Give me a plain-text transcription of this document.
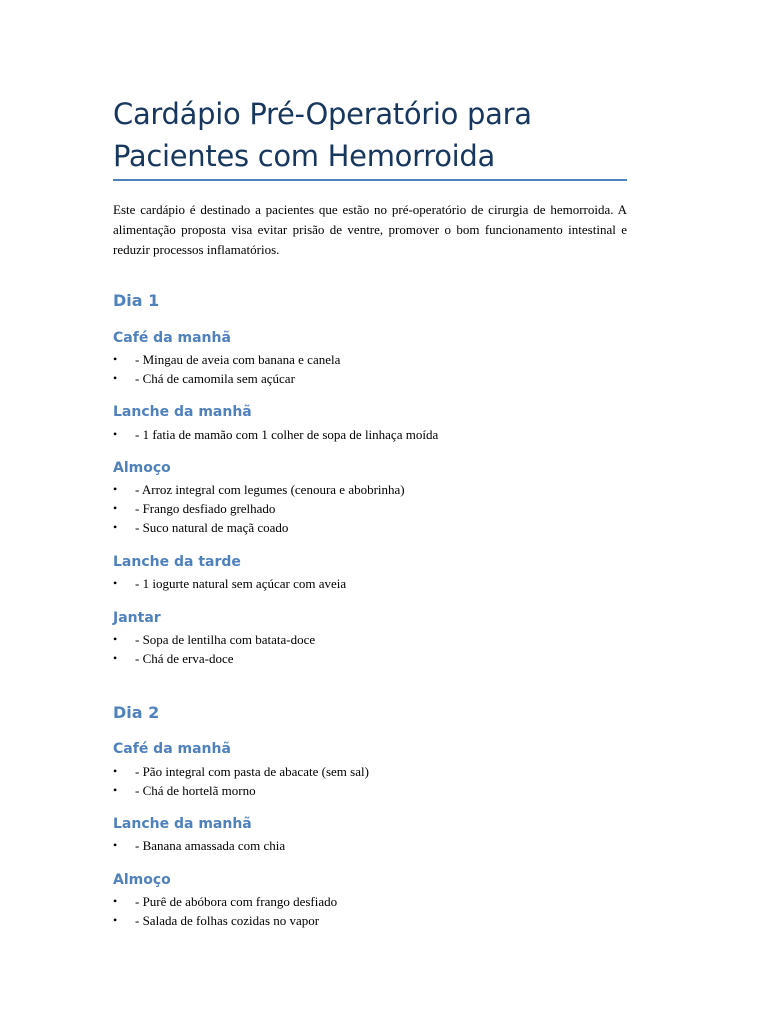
Cardápio Pré-Operatório para Pacientes com Hemorroida

Este cardápio é destinado a pacientes que estão no pré-operatório de cirurgia de hemorroida. A alimentação proposta visa evitar prisão de ventre, promover o bom funcionamento intestinal e reduzir processos inflamatórios.

Dia 1
Café da manhã
• - Mingau de aveia com banana e canela
• - Chá de camomila sem açúcar
Lanche da manhã
• - 1 fatia de mamão com 1 colher de sopa de linhaça moída
Almoço
• - Arroz integral com legumes (cenoura e abobrinha)
• - Frango desfiado grelhado
• - Suco natural de maçã coado
Lanche da tarde
• - 1 iogurte natural sem açúcar com aveia
Jantar
• - Sopa de lentilha com batata-doce
• - Chá de erva-doce
Dia 2
Café da manhã
• - Pão integral com pasta de abacate (sem sal)
• - Chá de hortelã morno
Lanche da manhã
• - Banana amassada com chia
Almoço
• - Purê de abóbora com frango desfiado
• - Salada de folhas cozidas no vapor
